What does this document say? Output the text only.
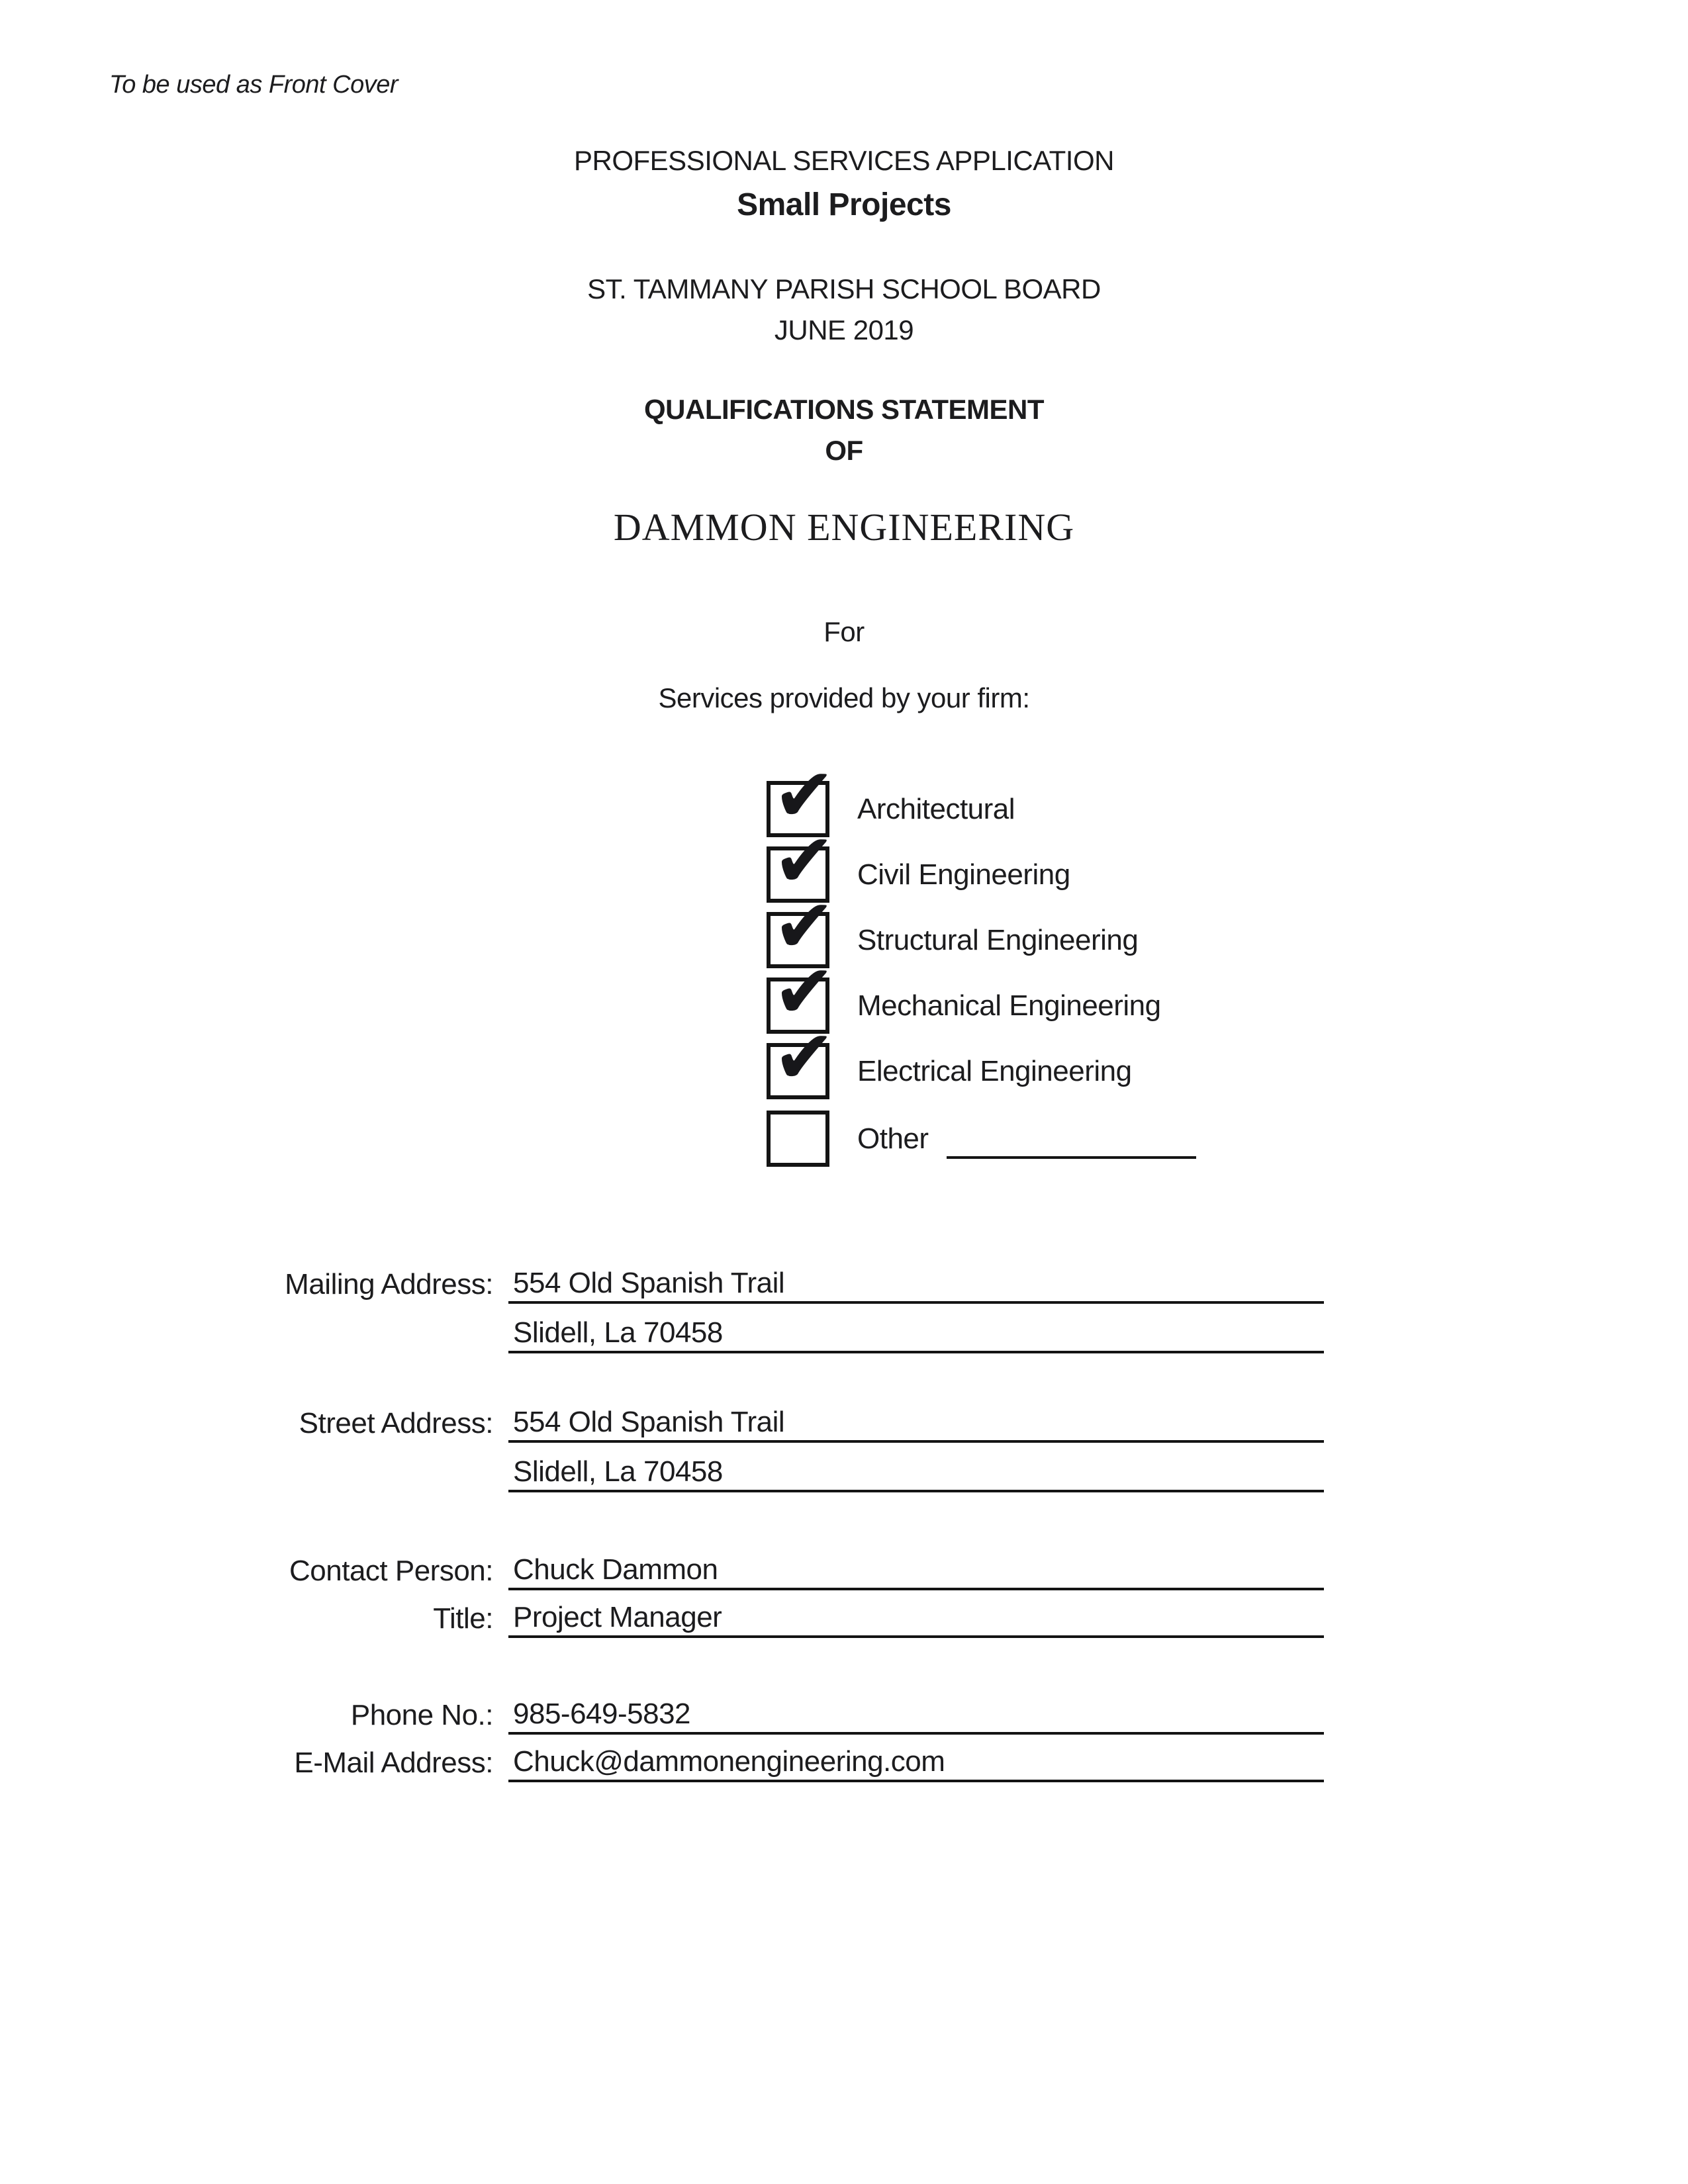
To be used as Front Cover
PROFESSIONAL SERVICES APPLICATION
Small Projects
ST. TAMMANY PARISH SCHOOL BOARD
JUNE 2019
QUALIFICATIONS STATEMENT
OF
DAMMON ENGINEERING
For
Services provided by your firm:
✔ Architectural
✔ Civil Engineering
✔ Structural Engineering
✔ Mechanical Engineering
✔ Electrical Engineering
Other
Mailing Address: 554 Old Spanish Trail
Slidell, La 70458
Street Address: 554 Old Spanish Trail
Slidell, La 70458
Contact Person: Chuck Dammon
Title: Project Manager
Phone No.: 985-649-5832
E-Mail Address: Chuck@dammonengineering.com
